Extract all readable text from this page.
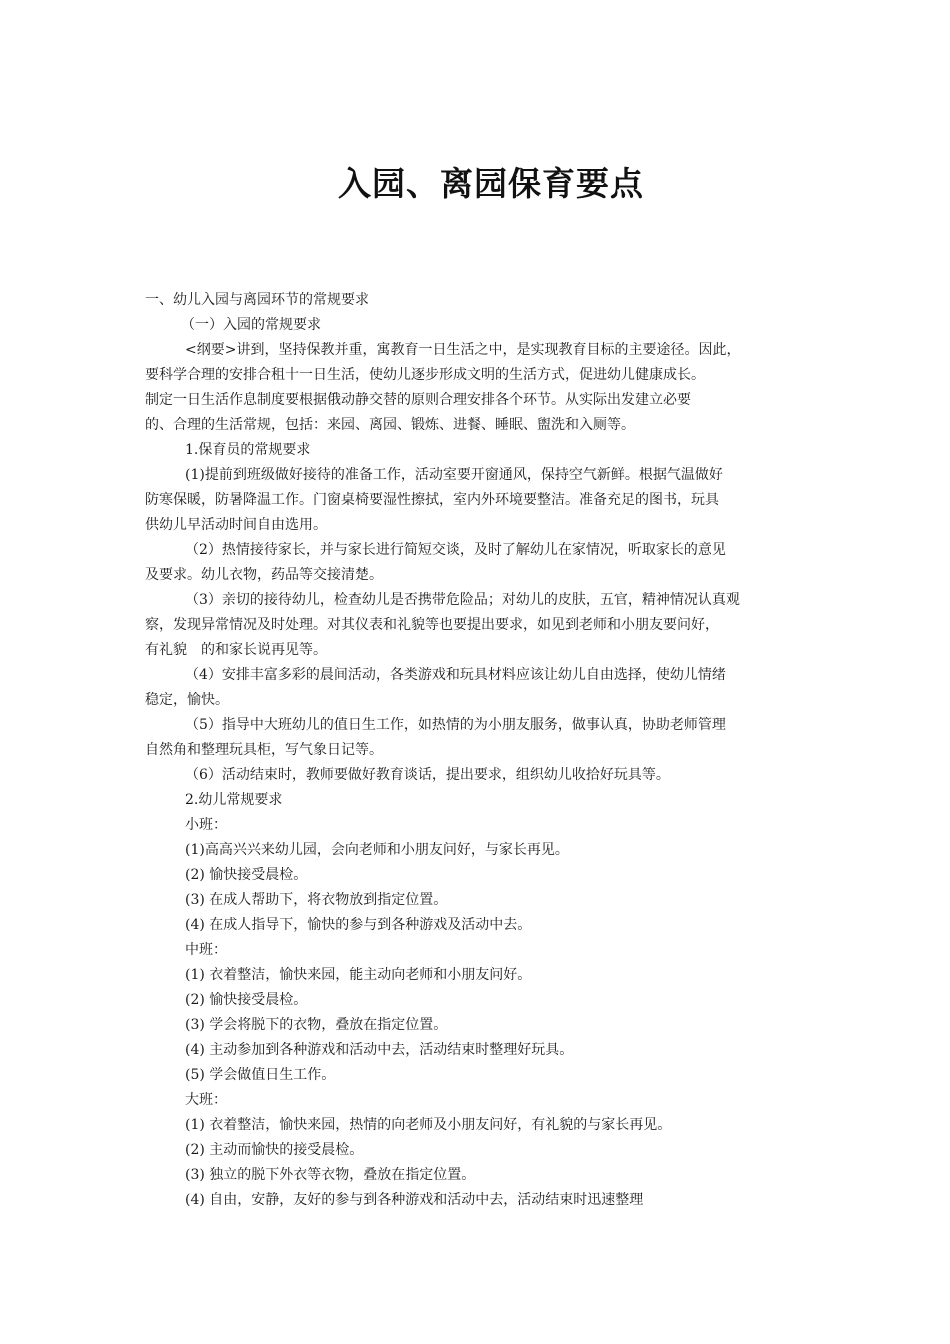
入园、离园保育要点

一、幼儿入园与离园环节的常规要求

（一）入园的常规要求

<纲要>讲到，坚持保教并重，寓教育一日生活之中，是实现教育目标的主要途径。因此，

要科学合理的安排合租十一日生活，使幼儿逐步形成文明的生活方式，促进幼儿健康成长。

制定一日生活作息制度要根据俄动静交替的原则合理安排各个环节。从实际出发建立必要

的、合理的生活常规，包括：来园、离园、锻炼、进餐、睡眠、盥洗和入厕等。

1.保育员的常规要求

(1)提前到班级做好接待的准备工作，活动室要开窗通风，保持空气新鲜。根据气温做好

防寒保暖，防暑降温工作。门窗桌椅要湿性擦拭，室内外环境要整洁。准备充足的图书，玩具

供幼儿早活动时间自由选用。

（2）热情接待家长，并与家长进行简短交谈，及时了解幼儿在家情况，听取家长的意见

及要求。幼儿衣物，药品等交接清楚。

（3）亲切的接待幼儿，检查幼儿是否携带危险品；对幼儿的皮肤，五官，精神情况认真观

察，发现异常情况及时处理。对其仪表和礼貌等也要提出要求，如见到老师和小朋友要问好，

有礼貌　的和家长说再见等。

（4）安排丰富多彩的晨间活动，各类游戏和玩具材料应该让幼儿自由选择，使幼儿情绪

稳定，愉快。

（5）指导中大班幼儿的值日生工作，如热情的为小朋友服务，做事认真，协助老师管理

自然角和整理玩具柜，写气象日记等。

（6）活动结束时，教师要做好教育谈话，提出要求，组织幼儿收拾好玩具等。

2.幼儿常规要求

小班：

(1)高高兴兴来幼儿园，会向老师和小朋友问好，与家长再见。

(2) 愉快接受晨检。

(3) 在成人帮助下，将衣物放到指定位置。

(4) 在成人指导下，愉快的参与到各种游戏及活动中去。

中班：

(1) 衣着整洁，愉快来园，能主动向老师和小朋友问好。

(2) 愉快接受晨检。

(3) 学会将脱下的衣物，叠放在指定位置。

(4) 主动参加到各种游戏和活动中去，活动结束时整理好玩具。

(5) 学会做值日生工作。

大班：

(1) 衣着整洁，愉快来园，热情的向老师及小朋友问好，有礼貌的与家长再见。

(2) 主动而愉快的接受晨检。

(3) 独立的脱下外衣等衣物，叠放在指定位置。

(4) 自由，安静，友好的参与到各种游戏和活动中去，活动结束时迅速整理
